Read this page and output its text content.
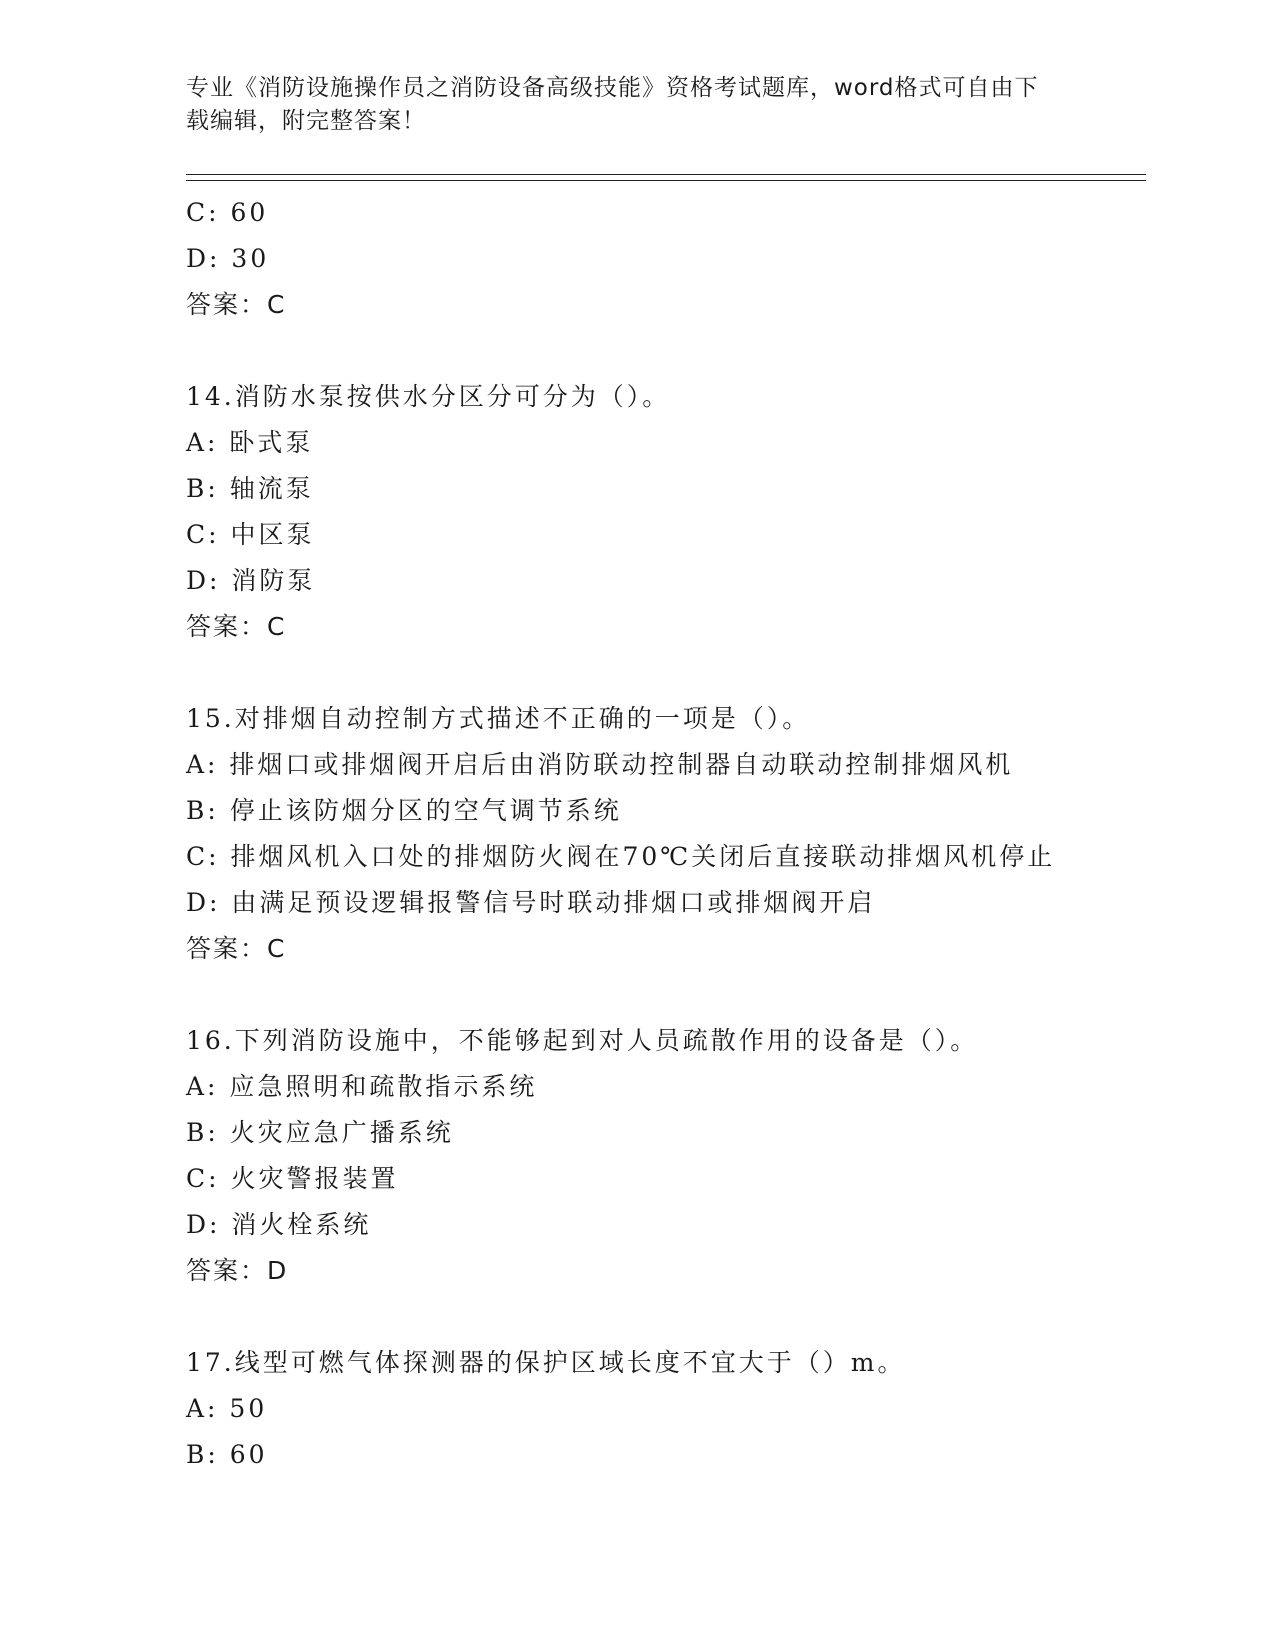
专业《消防设施操作员之消防设备高级技能》资格考试题库，word格式可自由下
载编辑，附完整答案！
C: 60
D: 30
答案：C
14.消防水泵按供水分区分可分为（）。
A: 卧式泵
B: 轴流泵
C: 中区泵
D: 消防泵
答案：C
15.对排烟自动控制方式描述不正确的一项是（）。
A: 排烟口或排烟阀开启后由消防联动控制器自动联动控制排烟风机
B: 停止该防烟分区的空气调节系统
C: 排烟风机入口处的排烟防火阀在70℃关闭后直接联动排烟风机停止
D: 由满足预设逻辑报警信号时联动排烟口或排烟阀开启
答案：C
16.下列消防设施中，不能够起到对人员疏散作用的设备是（）。
A: 应急照明和疏散指示系统
B: 火灾应急广播系统
C: 火灾警报装置
D: 消火栓系统
答案：D
17.线型可燃气体探测器的保护区域长度不宜大于（）m。
A: 50
B: 60
